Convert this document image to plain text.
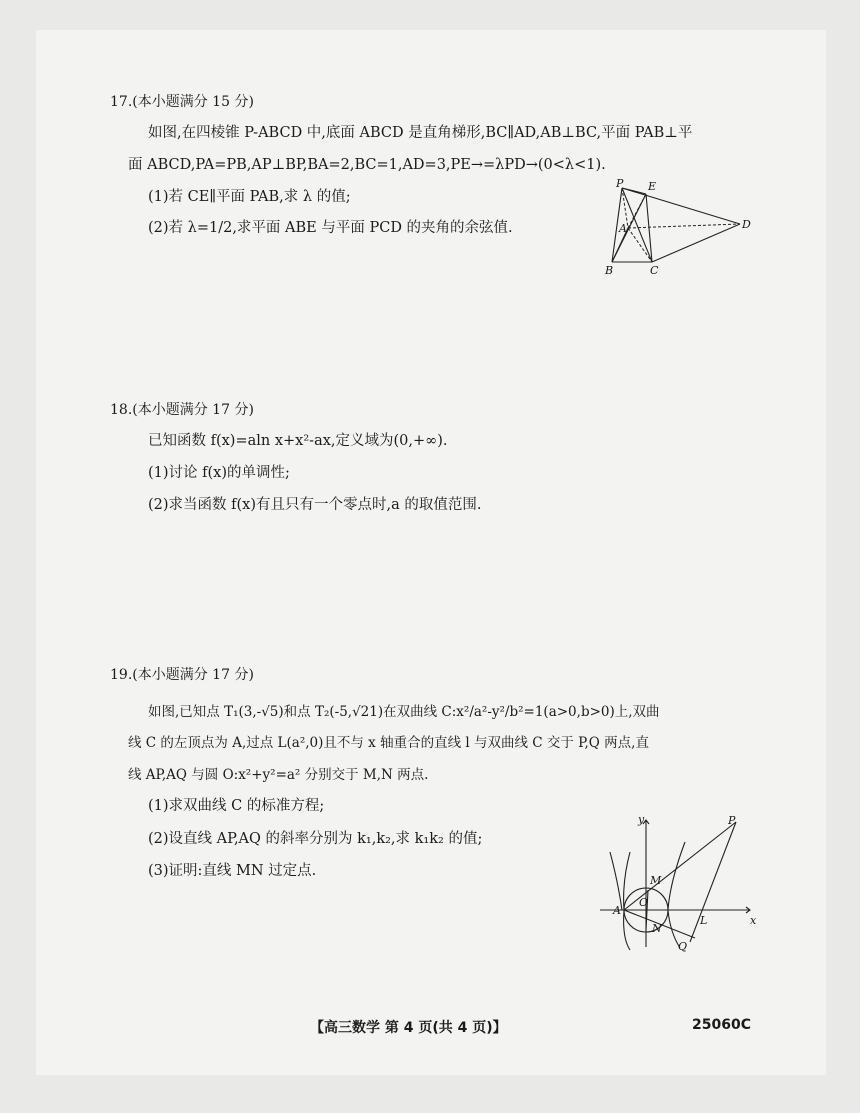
17.(本小题满分 15 分)

如图,在四棱锥 P-ABCD 中,底面 ABCD 是直角梯形,BC∥AD,AB⊥BC,平面 PAB⊥平

面 ABCD,PA=PB,AP⊥BP,BA=2,BC=1,AD=3,PE→=λPD→(0<λ<1).

(1)若 CE∥平面 PAB,求 λ 的值;

(2)若 λ=1/2,求平面 ABE 与平面 PCD 的夹角的余弦值.

P E
A	D
B	C

18.(本小题满分 17 分)

已知函数 f(x)=aln x+x²-ax,定义域为(0,+∞).

(1)讨论 f(x)的单调性;

(2)求当函数 f(x)有且只有一个零点时,a 的取值范围.

19.(本小题满分 17 分)

如图,已知点 T₁(3,-√5)和点 T₂(-5,√21)在双曲线 C:x²/a²-y²/b²=1(a>0,b>0)上,双曲

线 C 的左顶点为 A,过点 L(a²,0)且不与 x 轴重合的直线 l 与双曲线 C 交于 P,Q 两点,直

线 AP,AQ 与圆 O:x²+y²=a² 分别交于 M,N 两点.

(1)求双曲线 C 的标准方程;

(2)设直线 AP,AQ 的斜率分别为 k₁,k₂,求 k₁k₂ 的值;

(3)证明:直线 MN 过定点.

y	P
M
A
O
N
L
Q
x
【高三数学 第 4 页(共 4 页)】	25060C
